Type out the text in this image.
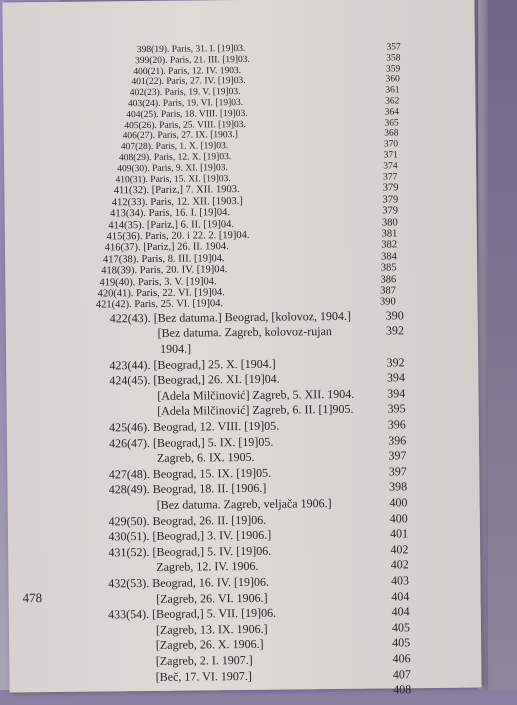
398(19). Paris, 31. I. [19]03.	357
399(20). Paris, 21. III. [19]03.	358
400(21). Paris, 12. IV. 1903.	359
401(22). Paris, 27. IV. [19]03.	360
402(23). Paris, 19. V. [19]03.	361
403(24). Paris, 19. VI. [19]03.	362
404(25). Paris, 18. VIII. [19]03.	364
405(26). Paris, 25. VIII. [19]03.	365
406(27). Paris, 27. IX. [1903.]	368
407(28). Paris, 1. X. [19]03.	370
408(29). Paris, 12. X. [19]03.	371
409(30). Paris, 9. XI. [19]03.	374
410(31). Paris, 15. XI. [19]03.	377
411(32). [Pariz,] 7. XII. 1903.	379
412(33). Paris, 12. XII. [1903.]	379
413(34). Paris, 16. I. [19]04.	379
414(35). [Pariz,] 6. II. [19]04.	380
415(36). Paris, 20. i 22. 2. [19]04.	381
416(37). [Pariz,] 26. II. 1904.	382
417(38). Paris, 8. III. [19]04.	384
418(39). Paris, 20. IV. [19]04.	385
419(40). Paris, 3. V. [19]04.	386
420(41). Paris, 22. VI. [19]04.	387
421(42). Paris, 25. VI. [19]04.	390
422(43). [Bez datuma.] Beograd, [kolovoz, 1904.]	390
[Bez datuma. Zagreb, kolovoz-rujan	392
1904.]
423(44). [Beograd,] 25. X. [1904.]	392
424(45). [Beograd,] 26. XI. [19]04.	394
[Adela Milčinović] Zagreb, 5. XII. 1904.	394
[Adela Milčinović] Zagreb, 6. II. [1]905.	395
425(46). Beograd, 12. VIII. [19]05.	396
426(47). [Beograd,] 5. IX. [19]05.	396
Zagreb, 6. IX. 1905.	397
427(48). Beograd, 15. IX. [19]05.	397
428(49). Beograd, 18. II. [1906.]	398
[Bez datuma. Zagreb, veljača 1906.]	400
429(50). Beograd, 26. II. [19]06.	400
430(51). [Beograd,] 3. IV. [1906.]	401
431(52). [Beograd,] 5. IV. [19]06.	402
Zagreb, 12. IV. 1906.	402
432(53). Beograd, 16. IV. [19]06.	403
[Zagreb, 26. VI. 1906.]	404
433(54). [Beograd,] 5. VII. [19]06.	404
[Zagreb, 13. IX. 1906.]	405
[Zagreb, 26. X. 1906.]	405
[Zagreb, 2. I. 1907.]	406
[Beč, 17. VI. 1907.]	407
408
478
